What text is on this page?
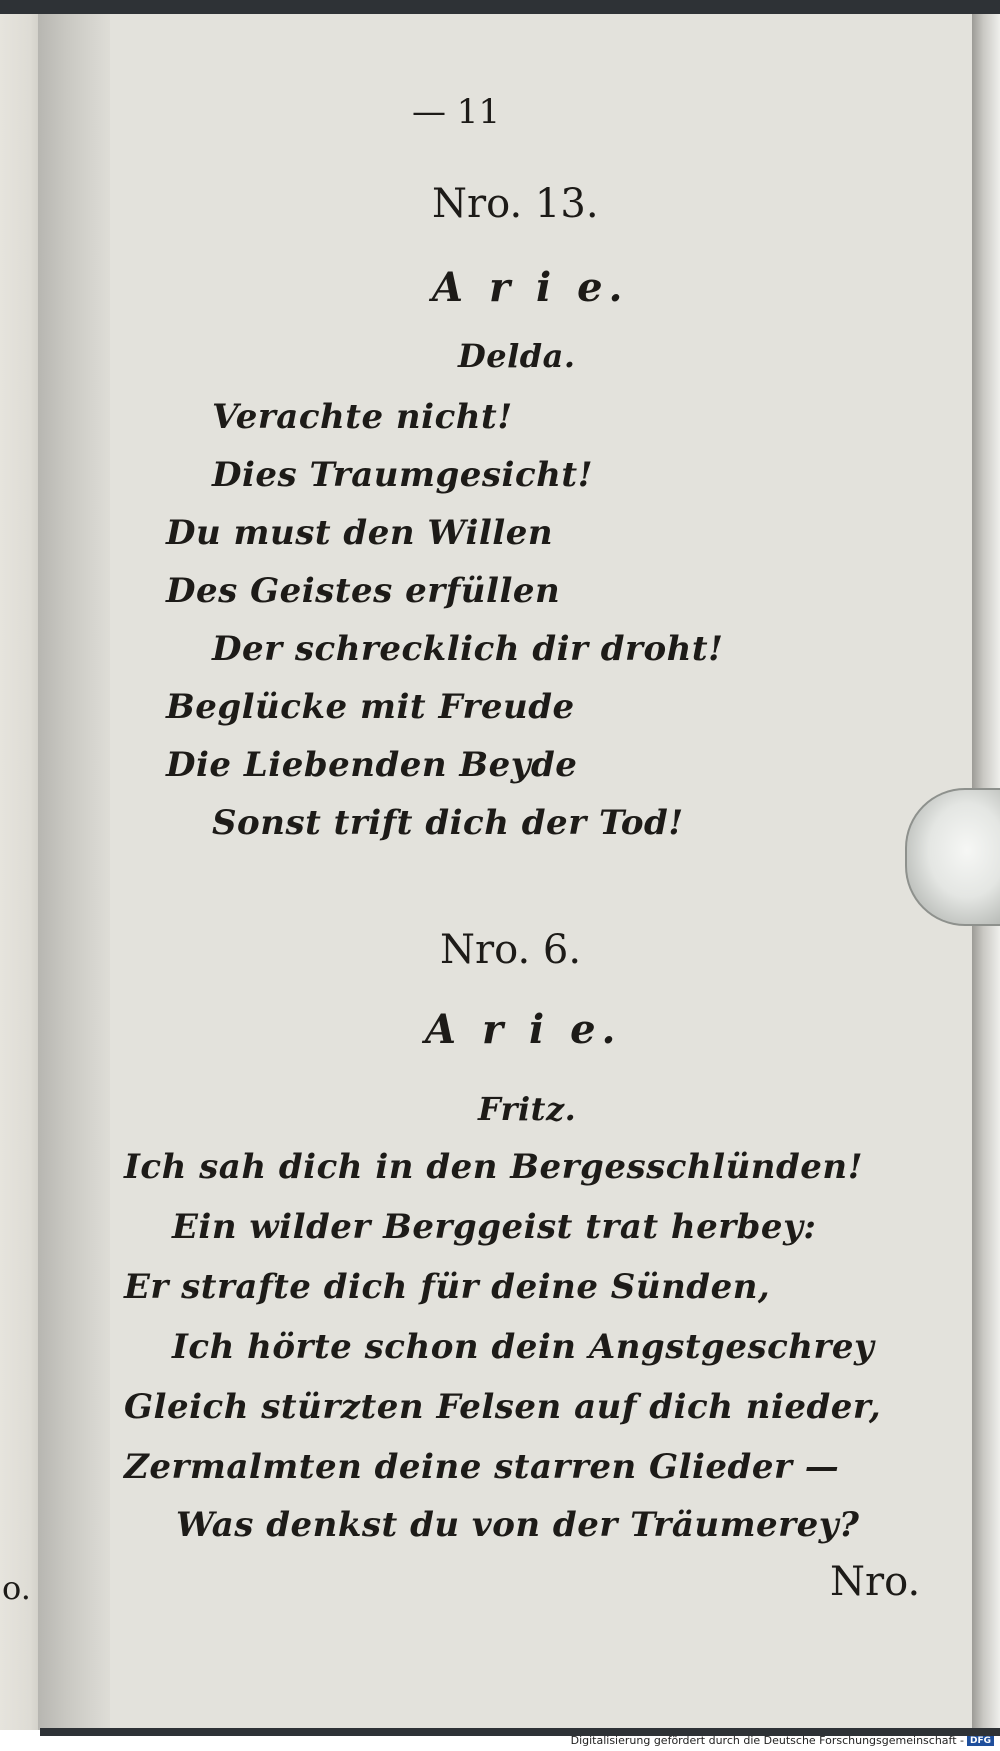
o.
— 11
Nro. 13.
A r i e.
Delda.
Verachte nicht!
Dies Traumgesicht!
Du must den Willen
Des Geistes erfüllen
Der schrecklich dir droht!
Beglücke mit Freude
Die Liebenden Beyde
Sonst trift dich der Tod!
Nro. 6.
A r i e.
Fritz.
Ich sah dich in den Bergesschlünden!
Ein wilder Berggeist trat herbey:
Er strafte dich für deine Sünden,
Ich hörte schon dein Angstgeschrey
Gleich stürzten Felsen auf dich nieder,
Zermalmten deine starren Glieder —
Was denkst du von der Träumerey?
Nro.
Digitalisierung gefördert durch die Deutsche Forschungsgemeinschaft - DFG
